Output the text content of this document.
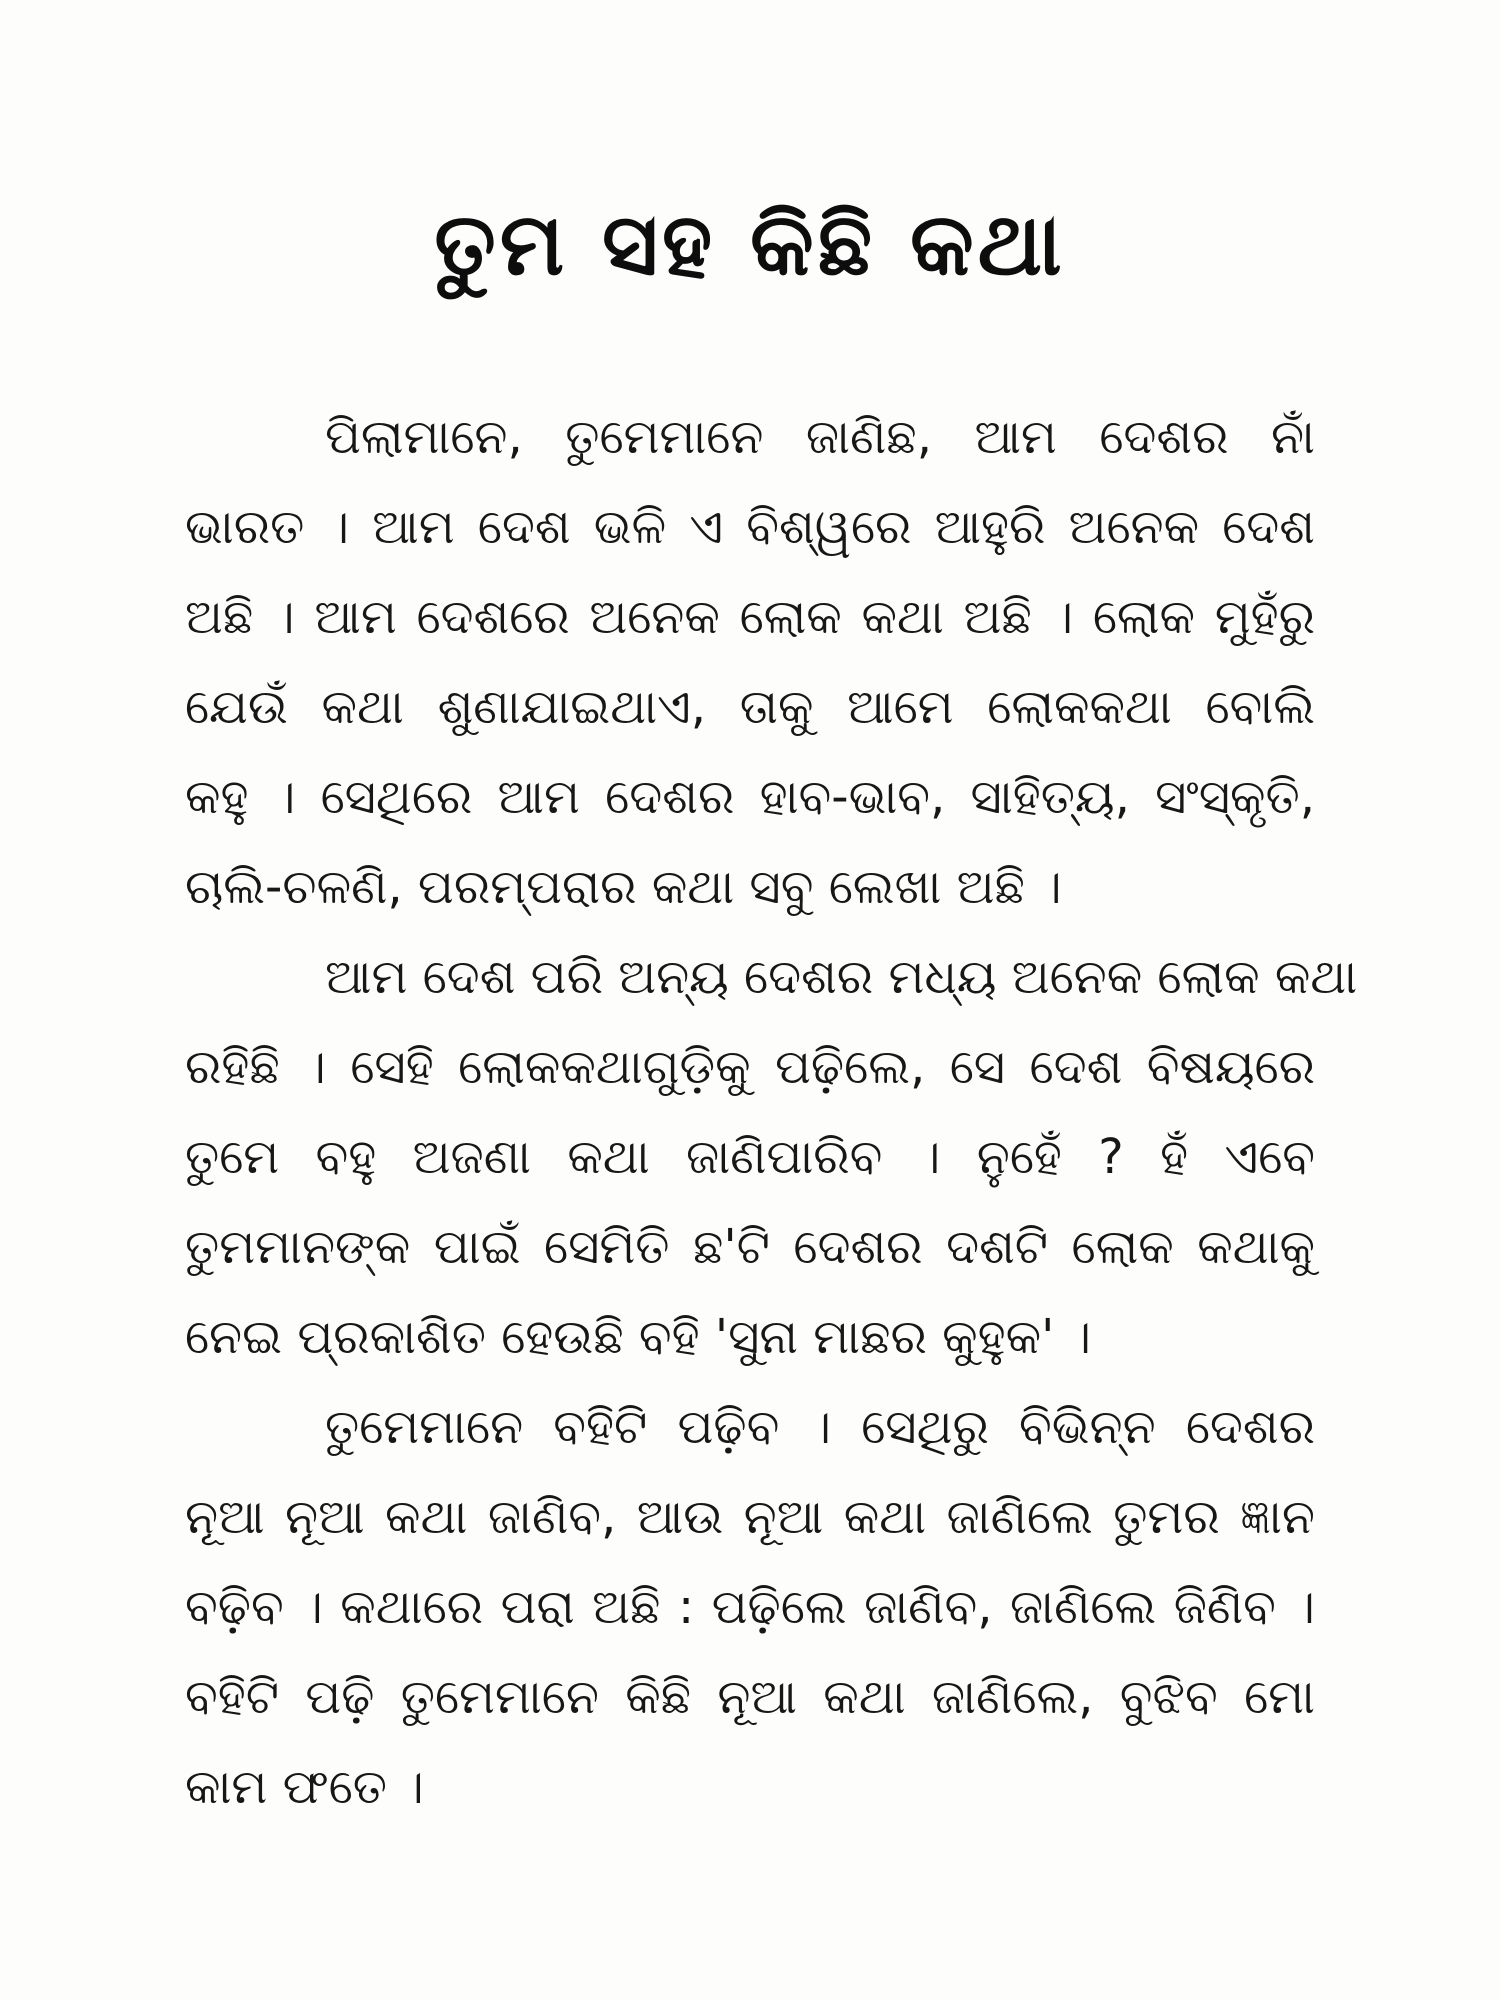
ତୁମ ସହ କିଛି କଥା
ପିଲାମାନେ, ତୁମେମାନେ ଜାଣିଛ, ଆମ ଦେଶର ନାଁ
ଭାରତ । ଆମ ଦେଶ ଭଳି ଏ ବିଶ୍ୱରେ ଆହୁରି ଅନେକ ଦେଶ
ଅଛି । ଆମ ଦେଶରେ ଅନେକ ଲୋକ କଥା ଅଛି । ଲୋକ ମୁହଁରୁ
ଯେଉଁ କଥା ଶୁଣାଯାଇଥାଏ, ତାକୁ ଆମେ ଲୋକକଥା ବୋଲି
କହୁ । ସେଥିରେ ଆମ ଦେଶର ହାବ-ଭାବ, ସାହିତ୍ୟ, ସଂସ୍କୃତି,
ଚାଲି-ଚଳଣି, ପରମ୍ପରାର କଥା ସବୁ ଲେଖା ଅଛି ।
ଆମ ଦେଶ ପରି ଅନ୍ୟ ଦେଶର ମଧ୍ୟ ଅନେକ ଲୋକ କଥା
ରହିଛି । ସେହି ଲୋକକଥାଗୁଡ଼ିକୁ ପଢ଼ିଲେ, ସେ ଦେଶ ବିଷୟରେ
ତୁମେ ବହୁ ଅଜଣା କଥା ଜାଣିପାରିବ । ନୁହେଁ ? ହଁ ଏବେ
ତୁମମାନଙ୍କ ପାଇଁ ସେମିତି ଛ'ଟି ଦେଶର ଦଶଟି ଲୋକ କଥାକୁ
ନେଇ ପ୍ରକାଶିତ ହେଉଛି ବହି 'ସୁନା ମାଛର କୁହୁକ' ।
ତୁମେମାନେ ବହିଟି ପଢ଼ିବ । ସେଥିରୁ ବିଭିନ୍ନ ଦେଶର
ନୂଆ ନୂଆ କଥା ଜାଣିବ, ଆଉ ନୂଆ କଥା ଜାଣିଲେ ତୁମର ଜ୍ଞାନ
ବଢ଼ିବ । କଥାରେ ପରା ଅଛି : ପଢ଼ିଲେ ଜାଣିବ, ଜାଣିଲେ ଜିଣିବ ।
ବହିଟି ପଢ଼ି ତୁମେମାନେ କିଛି ନୂଆ କଥା ଜାଣିଲେ, ବୁଝିବ ମୋ
କାମ ଫତେ ।
